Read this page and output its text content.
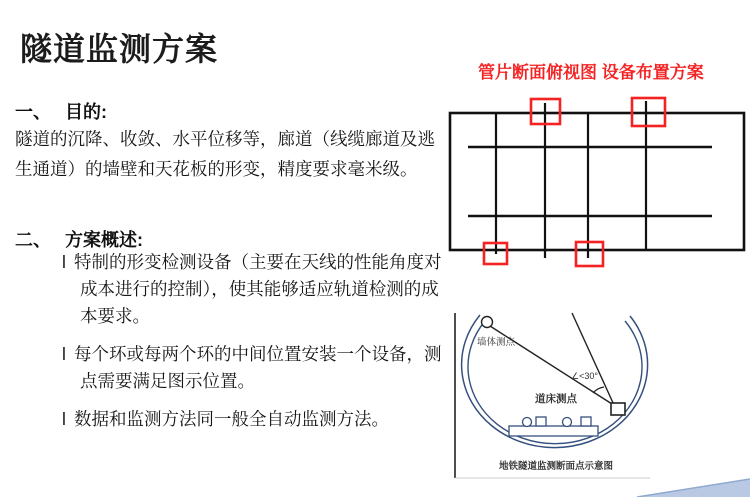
隧道监测方案
管片断面俯视图 设备布置方案
一、 目的:

隧道的沉降、收敛、水平位移等，廊道（线缆廊道及逃生通道）的墙壁和天花板的形变，精度要求毫米级。

二、 方案概述:
l 特制的形变检测设备（主要在天线的性能角度对成本进行的控制），使其能够适应轨道检测的成本要求。
l 每个环或每两个环的中间位置安装一个设备，测点需要满足图示位置。
l 数据和监测方法同一般全自动监测方法。
墙体测点
∠<30°
道床测点
地铁隧道监测断面点示意图
